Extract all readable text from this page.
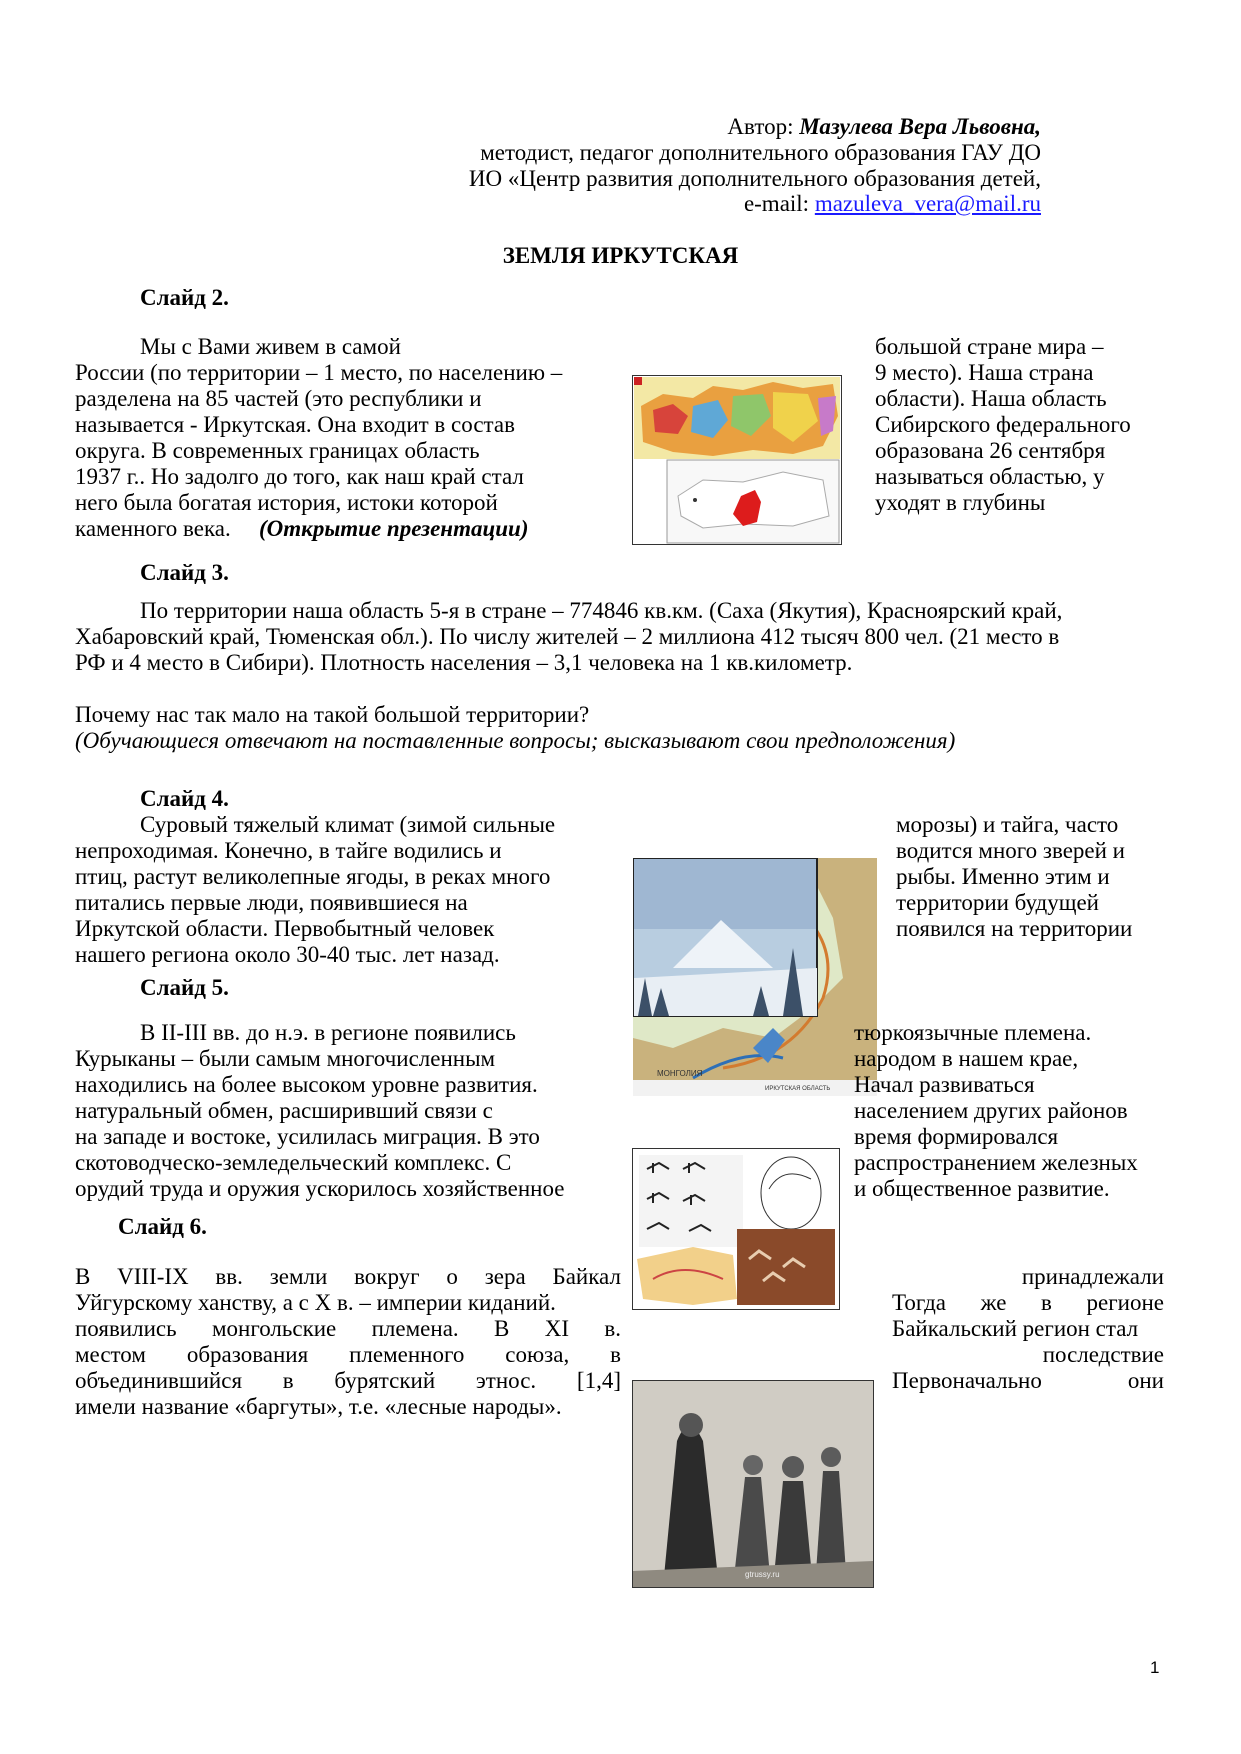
Автор: Мазулева Вера Львовна,
методист, педагог дополнительного образования ГАУ ДО
ИО «Центр развития дополнительного образования детей,
e-mail: mazuleva_vera@mail.ru
ЗЕМЛЯ ИРКУТСКАЯ
Слайд 2.
Мы с Вами живем в самой
России (по территории – 1 место, по населению –
разделена на 85 частей (это республики и
называется - Иркутская. Она входит в состав
округа. В современных границах область
1937 г.. Но задолго до того, как наш край стал
него была богатая история, истоки которой
каменного века.
большой стране мира –
9 место). Наша страна
области). Наша область
Сибирского федерального
образована 26 сентября
называться областью, у
уходят в глубины
(Открытие презентации)
Слайд 3.
По территории наша область 5-я в стране – 774846 кв.км. (Саха (Якутия), Красноярский край,
Хабаровский край, Тюменская обл.). По числу жителей – 2 миллиона 412 тысяч 800 чел. (21 место в
РФ и 4 место в Сибири). Плотность населения – 3,1 человека на 1 кв.километр.
Почему нас так мало на такой большой территории?
(Обучающиеся отвечают на поставленные вопросы; высказывают свои предположения)
Слайд 4.
Суровый тяжелый климат (зимой сильные
непроходимая. Конечно, в тайге водились и
птиц, растут великолепные ягоды, в реках много
питались первые люди, появившиеся на
Иркутской области. Первобытный человек
нашего региона около 30-40 тыс. лет назад.
морозы) и тайга, часто
водится много зверей и
рыбы. Именно этим и
территории будущей
появился на территории
МОНГОЛИЯ
ИРКУТСКАЯ ОБЛАСТЬ
Слайд 5.
В II-III вв. до н.э. в регионе появились
Курыканы – были самым многочисленным
находились на более высоком уровне развития.
натуральный обмен, расширивший связи с
на западе и востоке, усилилась миграция. В это
скотоводческо-земледельческий комплекс. С
орудий труда и оружия ускорилось хозяйственное
тюркоязычные племена.
народом в нашем крае,
Начал развиваться
населением других районов
время формировался
распространением железных
и общественное развитие.
Слайд 6.
В VIII-IX вв. земли вокруг о зера Байкал
Уйгурскому ханству, а с X в. – империи киданий.
появились монгольские племена. В XI в.
местом образования племенного союза, в
объединившийся в бурятский этнос. [1,4]
имели название «баргуты», т.е. «лесные народы».
принадлежали
Тогда же в регионе
Байкальский регион стал
последствие
Первоначально	они
gtrussy.ru
1
